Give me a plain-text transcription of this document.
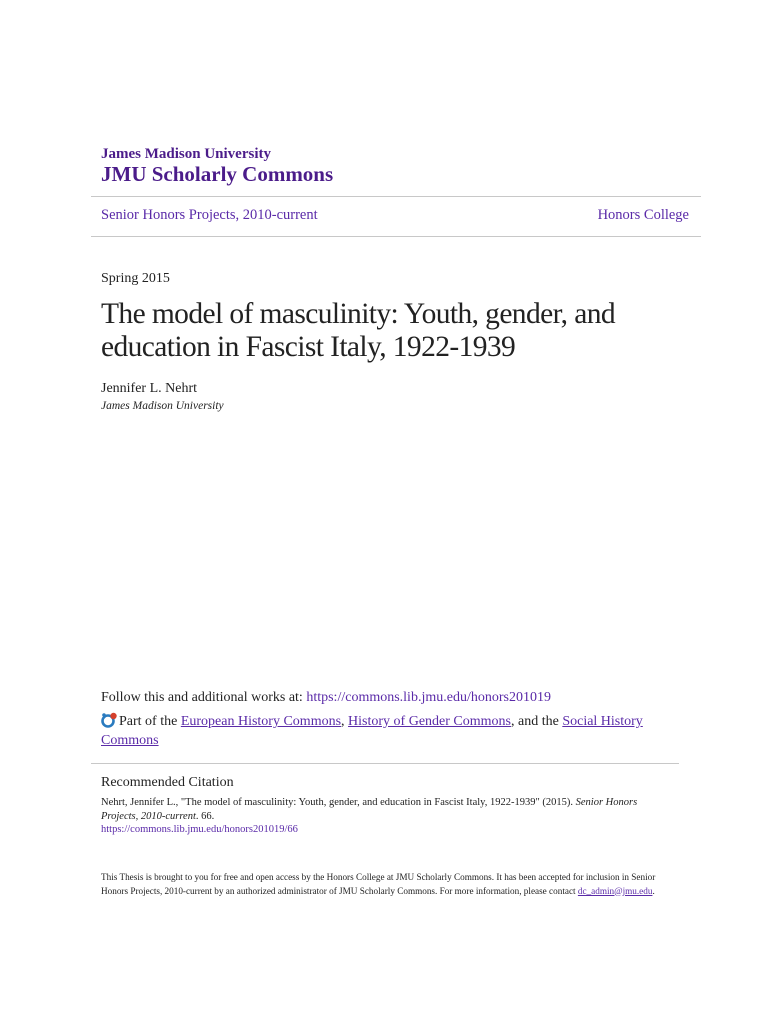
James Madison University
JMU Scholarly Commons
Senior Honors Projects, 2010-current	Honors College
Spring 2015
The model of masculinity: Youth, gender, and education in Fascist Italy, 1922-1939
Jennifer L. Nehrt
James Madison University
Follow this and additional works at: https://commons.lib.jmu.edu/honors201019
Part of the European History Commons, History of Gender Commons, and the Social History Commons
Recommended Citation
Nehrt, Jennifer L., "The model of masculinity: Youth, gender, and education in Fascist Italy, 1922-1939" (2015). Senior Honors Projects, 2010-current. 66.
https://commons.lib.jmu.edu/honors201019/66
This Thesis is brought to you for free and open access by the Honors College at JMU Scholarly Commons. It has been accepted for inclusion in Senior Honors Projects, 2010-current by an authorized administrator of JMU Scholarly Commons. For more information, please contact dc_admin@jmu.edu.
